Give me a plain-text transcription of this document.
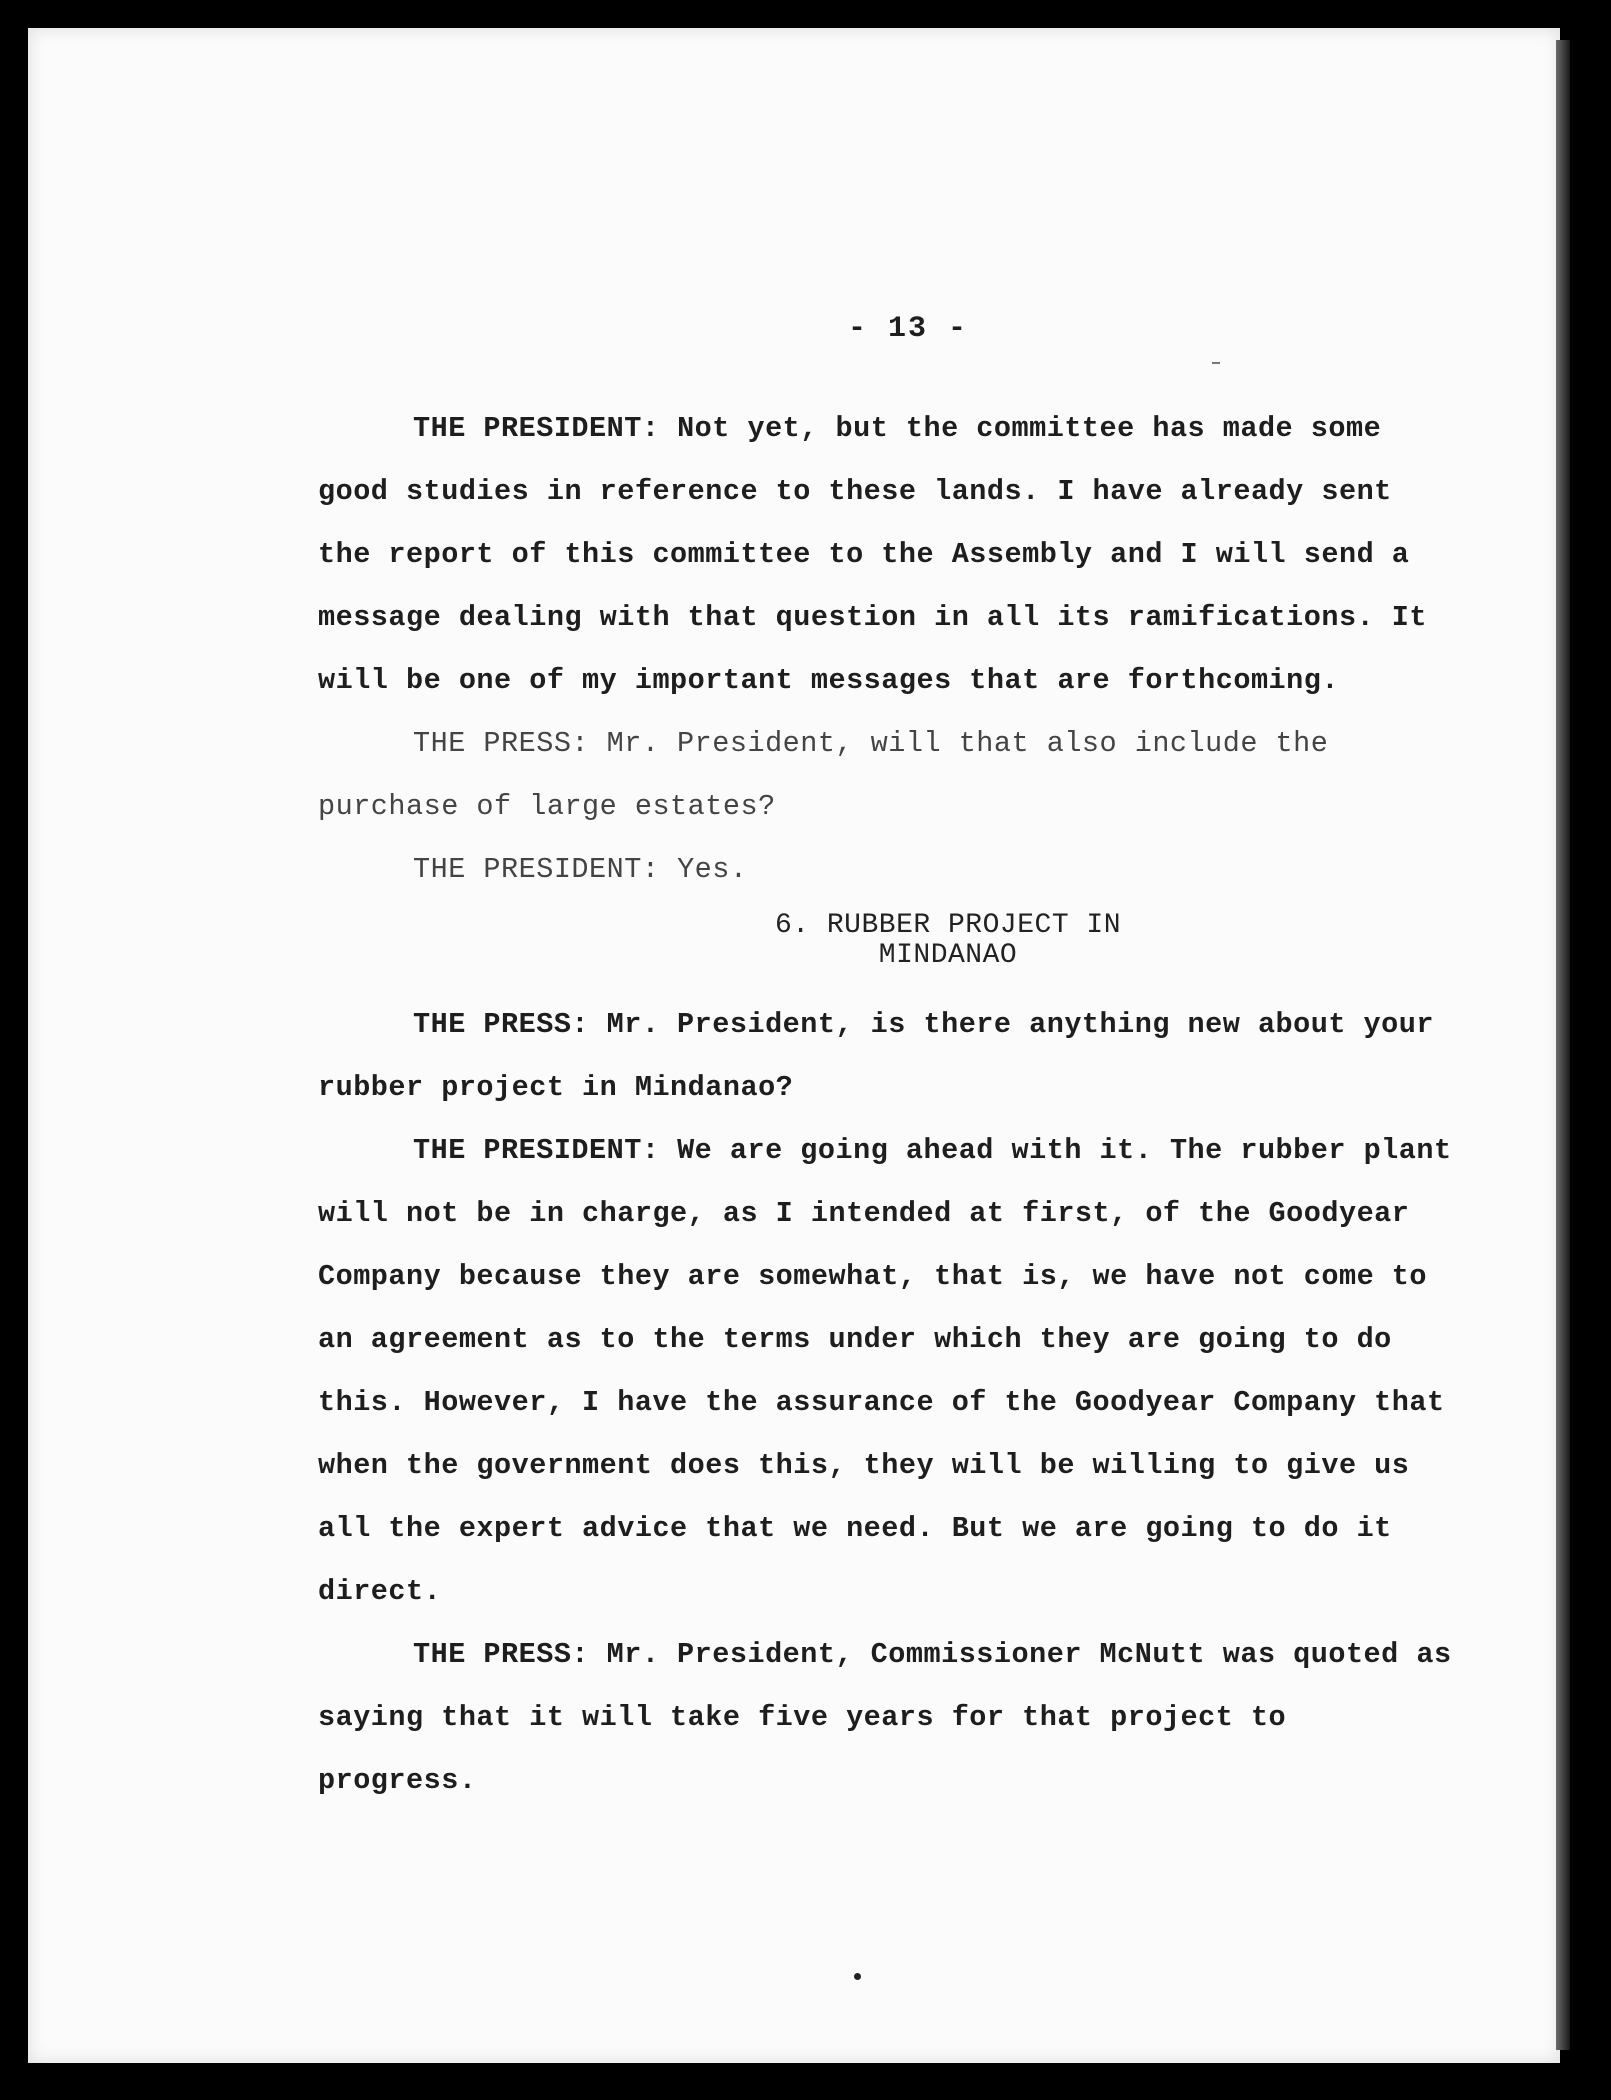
- 13 -

THE PRESIDENT: Not yet, but the committee has made some good studies in reference to these lands. I have already sent the report of this committee to the Assembly and I will send a message dealing with that question in all its ramifications. It will be one of my important messages that are forthcoming.

THE PRESS: Mr. President, will that also include the purchase of large estates?

THE PRESIDENT: Yes.

6. RUBBER PROJECT IN
MINDANAO

THE PRESS: Mr. President, is there anything new about your rubber project in Mindanao?

THE PRESIDENT: We are going ahead with it. The rubber plant will not be in charge, as I intended at first, of the Goodyear Company because they are somewhat, that is, we have not come to an agreement as to the terms under which they are going to do this. However, I have the assurance of the Goodyear Company that when the government does this, they will be willing to give us all the expert advice that we need. But we are going to do it direct.

THE PRESS: Mr. President, Commissioner McNutt was quoted as saying that it will take five years for that project to progress.
